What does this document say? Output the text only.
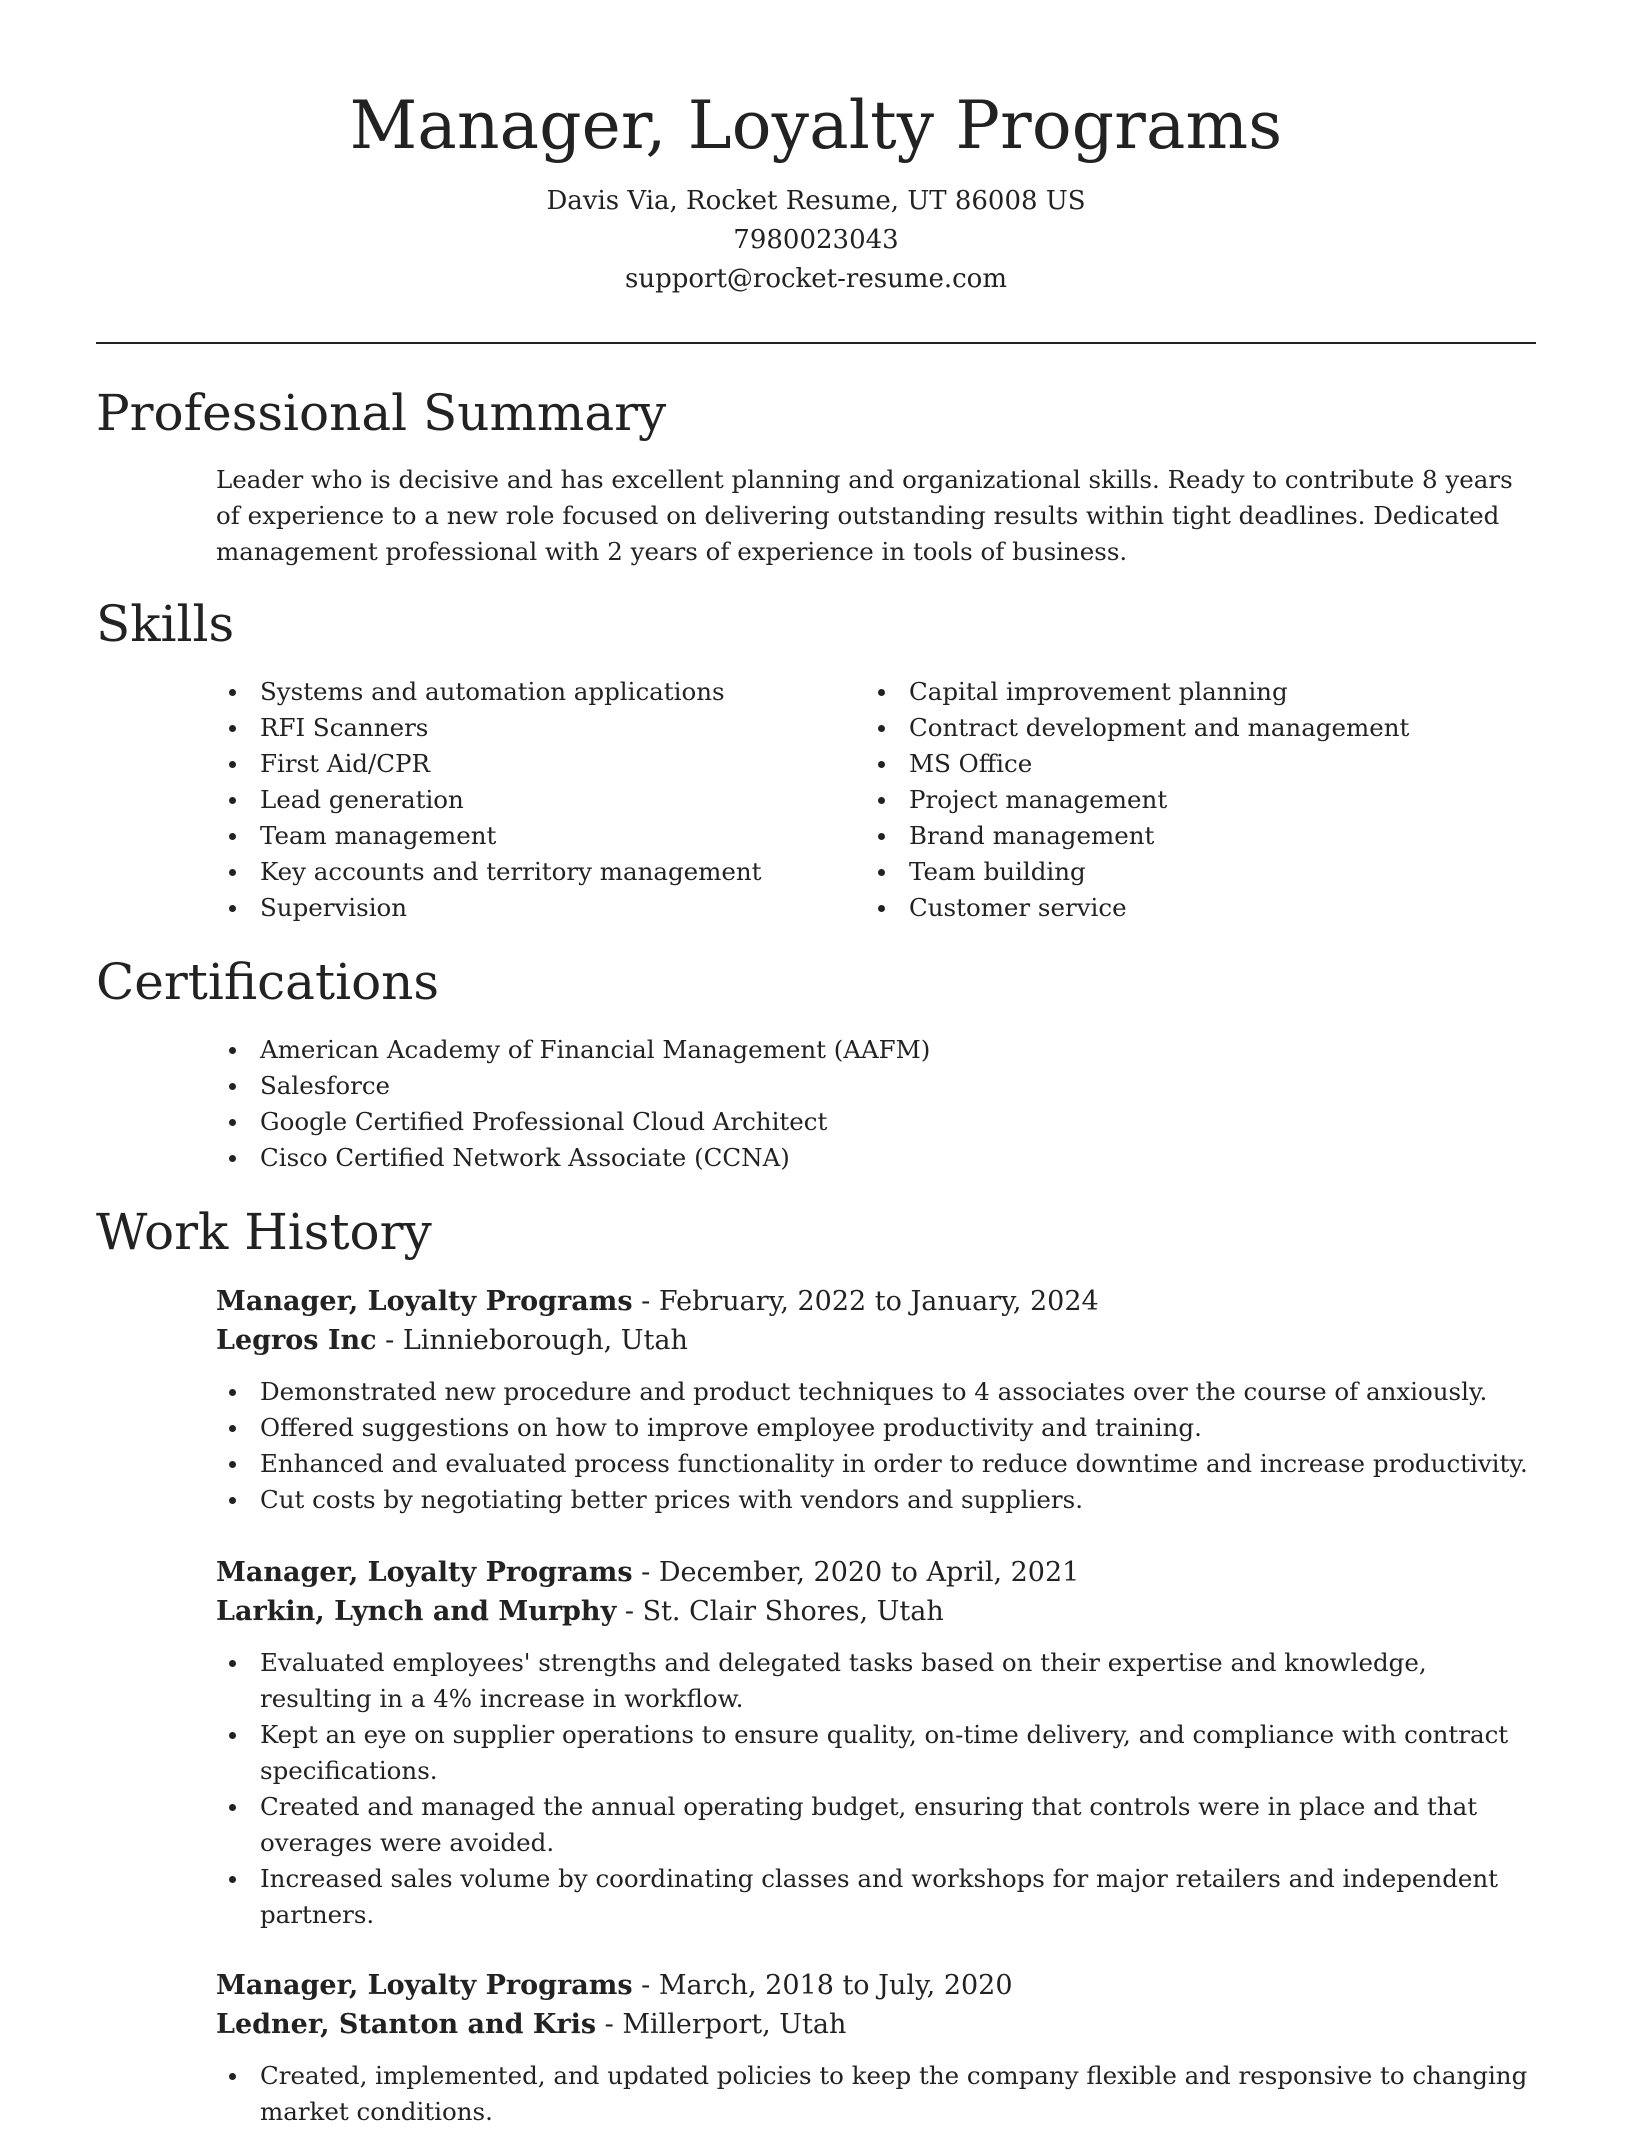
Manager, Loyalty Programs

Davis Via, Rocket Resume, UT 86008 US

7980023043

support@rocket-resume.com

Professional Summary

Leader who is decisive and has excellent planning and organizational skills. Ready to contribute 8 years of experience to a new role focused on delivering outstanding results within tight deadlines. Dedicated management professional with 2 years of experience in tools of business.

Skills
Systems and automation applications
RFI Scanners
First Aid/CPR
Lead generation
Team management
Key accounts and territory management
Supervision
Capital improvement planning
Contract development and management
MS Office
Project management
Brand management
Team building
Customer service
Certifications
American Academy of Financial Management (AAFM)
Salesforce
Google Certified Professional Cloud Architect
Cisco Certified Network Associate (CCNA)
Work History
Manager, Loyalty Programs - February, 2022 to January, 2024
Legros Inc - Linnieborough, Utah
Demonstrated new procedure and product techniques to 4 associates over the course of anxiously.
Offered suggestions on how to improve employee productivity and training.
Enhanced and evaluated process functionality in order to reduce downtime and increase productivity.
Cut costs by negotiating better prices with vendors and suppliers.
Manager, Loyalty Programs - December, 2020 to April, 2021
Larkin, Lynch and Murphy - St. Clair Shores, Utah
Evaluated employees' strengths and delegated tasks based on their expertise and knowledge, resulting in a 4% increase in workflow.
Kept an eye on supplier operations to ensure quality, on-time delivery, and compliance with contract specifications.
Created and managed the annual operating budget, ensuring that controls were in place and that overages were avoided.
Increased sales volume by coordinating classes and workshops for major retailers and independent partners.
Manager, Loyalty Programs - March, 2018 to July, 2020
Ledner, Stanton and Kris - Millerport, Utah
Created, implemented, and updated policies to keep the company flexible and responsive to changing market conditions.
